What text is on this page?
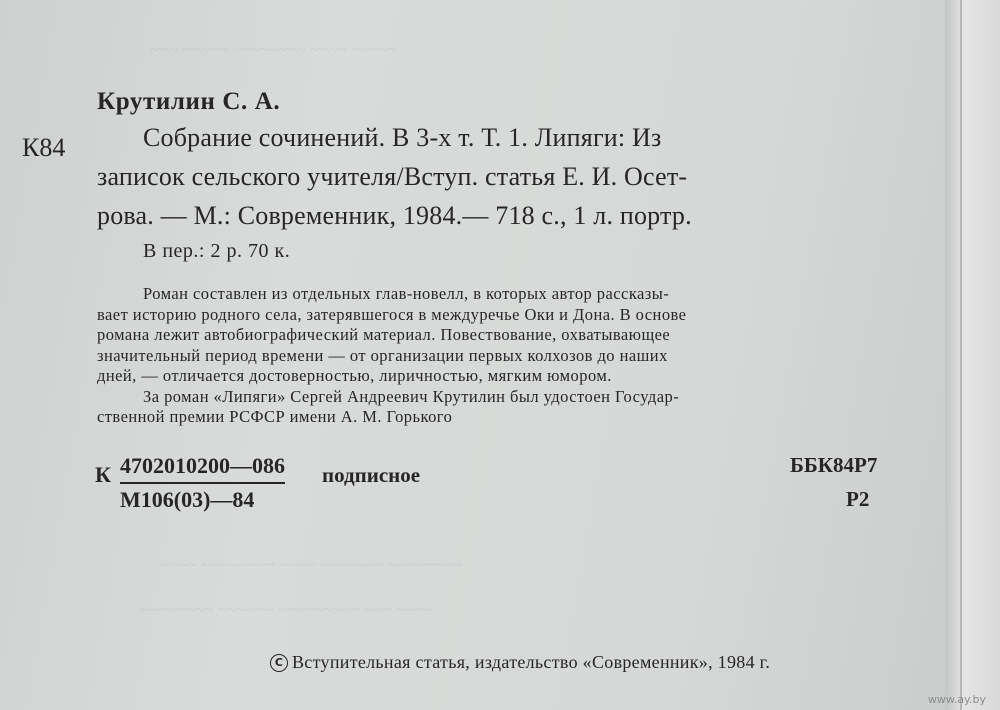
~~~ ~~~~~ ~~~~~~~~ ~~~~ ~~~~~
~~~~ ~~~~~~~~ ~~~~ ~~~~~~~ ~~~~~~~~
~~~~~~~~ ~~~~~~ ~~~~~~~~~ ~~~ ~~~~
Крутилин С. А.
К84	Собрание сочинений. В 3-х т. Т. 1. Липяги: Из
записок сельского учителя/Вступ. статья Е. И. Осет-
рова. — М.: Современник, 1984.— 718 с., 1 л. портр.
В пер.: 2 р. 70 к.
Роман составлен из отдельных глав-новелл, в которых автор рассказы-
вает историю родного села, затерявшегося в междуречье Оки и Дона. В основе
романа лежит автобиографический материал. Повествование, охватывающее
значительный период времени — от организации первых колхозов до наших
дней, — отличается достоверностью, лиричностью, мягким юмором.
За роман «Липяги» Сергей Андреевич Крутилин был удостоен Государ-
ственной премии РСФСР имени А. М. Горького
К 4702010200—086
М106(03)—84
подписное	ББК84Р7
Р2
C Вступительная статья, издательство «Современник», 1984 г.
www.ay.by
